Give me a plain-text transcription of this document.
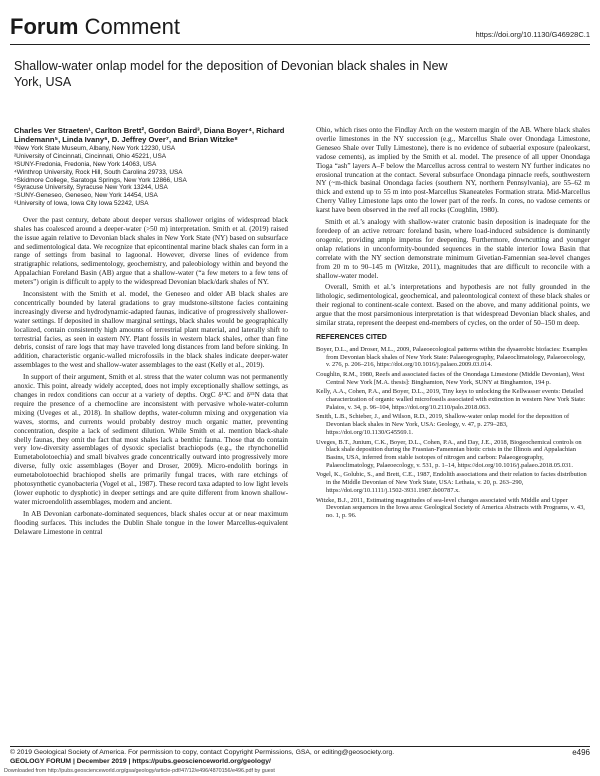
Forum Comment	https://doi.org/10.1130/G46928C.1
Shallow-water onlap model for the deposition of Devonian black shales in New York, USA
Charles Ver Straeten¹, Carlton Brett², Gordon Baird³, Diana Boyer⁴, Richard Lindemann⁵, Linda Ivany⁶, D. Jeffrey Over⁷, and Brian Witzke⁸
¹New York State Museum, Albany, New York 12230, USA
²University of Cincinnati, Cincinnati, Ohio 45221, USA
³SUNY-Fredonia, Fredonia, New York 14063, USA
⁴Winthrop University, Rock Hill, South Carolina 29733, USA
⁵Skidmore College, Saratoga Springs, New York 12866, USA
⁶Syracuse University, Syracuse New York 13244, USA
⁷SUNY-Geneseo, Geneseo, New York 14454, USA
⁸University of Iowa, Iowa City Iowa 52242, USA

Over the past century, debate about deeper versus shallower origins of widespread black shales has coalesced around a deeper-water (>50 m) interpretation. Smith et al. (2019) raised the issue again relative to Devonian black shales in New York State (NY) based on subsurface and sedimentological data. We recognize that epicontinental marine black shales can form in a range of settings from basinal to lagoonal. However, diverse lines of evidence from stratigraphic relations, sedimentology, geochemistry, and paleobiology within and beyond the Appalachian Foreland Basin (AB) argue that a shallow-water (“a few meters to a few tens of meters”) origin is difficult to apply to the widespread Devonian black/dark shales of NY.

Inconsistent with the Smith et al. model, the Geneseo and older AB black shales are concentrically bounded by lateral gradations to gray mudstone-siltstone facies containing increasingly diverse and hydrodynamic-adapted faunas, indicative of progressively shallower-water settings. If deposited in shallow marginal settings, black shales would be geographically localized, contain consistently high amounts of terrestrial plant material, and laterally shift to terrestrial facies, as seen in eastern NY. Plant fossils in western black shales, other than fine debris, consist of rare logs that may have traveled long distances from land before sinking. In addition, characteristic organic-walled microfossils in the black shales indicate deeper-water assemblages to the west and shallow-water assemblages to the east (Kelly et al., 2019).

In support of their argument, Smith et al. stress that the water column was not permanently anoxic. This point, already widely accepted, does not imply exceptionally shallow settings, as changes in redox conditions can occur at a variety of depths. OrgC δ¹³C and δ¹⁵N data that require the presence of a chemocline are inconsistent with pervasive whole-water-column mixing (Uveges et al., 2018). In shallow depths, water-column mixing and oxygenation via waves, storms, and currents would probably destroy much organic matter, preventing concentration, despite a lack of sediment dilution. While Smith et al. mention black-shale shelly faunas, they omit the fact that most shales lack a benthic fauna. Those that do contain very low-diversity assemblages of dysoxic specialist brachiopods (e.g., the rhynchonellid Eumetabolotoechia) and small bivalves grade concentrically outward into progressively more diverse, fully oxic assemblages (Boyer and Droser, 2009). Micro-endolith borings in eumetabolotoechid brachiopod shells are primarily fungal traces, with rare etchings of photosynthetic cyanobacteria (Vogel et al., 1987). These record taxa adapted to low light levels (lower euphotic to dysphotic) in deeper settings and are quite different from known shallow-water microendolith assemblages, modern and ancient.

In AB Devonian carbonate-dominated sequences, black shales occur at or near maximum flooding surfaces. This includes the Dublin Shale tongue in the lower Marcellus-equivalent Delaware Limestone in central

Ohio, which rises onto the Findlay Arch on the western margin of the AB. Where black shales overlie limestones in the NY succession (e.g., Marcellus Shale over Onondaga Limestone, Geneseo Shale over Tully Limestone), there is no evidence of subaerial exposure (paleokarst, vadose cements), as implied by the Smith et al. model. The presence of all upper Onondaga Tioga “ash” layers A–F below the Marcellus across central to western NY further indicates no erosional truncation at the contact. Several subsurface Onondaga pinnacle reefs, southwestern NY (~m-thick basinal Onondaga facies (southern NY, northern Pennsylvania), are 55–62 m thick and extend up to 55 m into post-Marcellus Skaneateles Formation strata. Mid-Marcellus Cherry Valley Limestone laps onto the lower part of the reefs. In cores, no vadose cements or karst have been observed in the reef all rocks (Coughlin, 1980).

Smith et al.’s analogy with shallow-water cratonic basin deposition is inadequate for the foredeep of an active retroarc foreland basin, where load-induced subsidence is dominantly orogenic, providing ample impetus for deepening. Furthermore, downcutting and younger onlap relations in unconformity-bounded sequences in the stable interior Iowa Basin that correlate with the NY section demonstrate minimum Givetian-Famennian sea-level changes from 20 m to 90–145 m (Witzke, 2011), magnitudes that are difficult to reconcile with a shallow-water model.

Overall, Smith et al.’s interpretations and hypothesis are not fully grounded in the lithologic, sedimentological, geochemical, and paleontological context of these black shales or their regional to continent-scale context. Based on the above, and many additional points, we argue that the most parsimonious interpretation is that widespread Devonian black shales, and similar strata, represent the deepest end-members of cycles, on the order of 50–150 m deep.

REFERENCES CITED
Boyer, D.L., and Droser, M.L., 2009, Palaeoecological patterns within the dysaerobic biofacies: Examples from Devonian black shales of New York State: Palaeogeography, Palaeoclimatology, Palaeoecology, v. 276, p. 206–216, https://doi.org/10.1016/j.palaeo.2009.03.014.
Coughlin, R.M., 1980, Reefs and associated facies of the Onondaga Limestone (Middle Devonian), West Central New York [M.A. thesis]: Binghamton, New York, SUNY at Binghamton, 194 p.
Kelly, A.A., Cohen, P.A., and Boyer, D.L., 2019, Tiny keys to unlocking the Kellwasser events: Detailed characterization of organic walled microfossils associated with extinction in western New York State: Palaios, v. 34, p. 96–104, https://doi.org/10.2110/palo.2018.063.
Smith, L.B., Schieber, J., and Wilson, R.D., 2019, Shallow-water onlap model for the deposition of Devonian black shales in New York, USA: Geology, v. 47, p. 279–283, https://doi.org/10.1130/G45569.1.
Uveges, B.T., Junium, C.K., Boyer, D.L., Cohen, P.A., and Day, J.E., 2018, Biogeochemical controls on black shale deposition during the Frasnian-Famennian biotic crisis in the Illinois and Appalachian Basins, USA, inferred from stable isotopes of nitrogen and carbon: Palaeogeography, Palaeoclimatology, Palaeoecology, v. 531, p. 1–14, https://doi.org/10.1016/j.palaeo.2018.05.031.
Vogel, K., Golubic, S., and Brett, C.E., 1987, Endolith associations and their relation to facies distribution in the Middle Devonian of New York State, USA: Lethaia, v. 20, p. 263–290, https://doi.org/10.1111/j.1502-3931.1987.tb00787.x.
Witzke, B.J., 2011, Estimating magnitudes of sea-level changes associated with Middle and Upper Devonian sequences in the Iowa area: Geological Society of America Abstracts with Programs, v. 43, no. 1, p. 96.
© 2019 Geological Society of America. For permission to copy, contact Copyright Permissions, GSA, or editing@geosociety.org.
GEOLOGY FORUM | December 2019 | https://pubs.geoscienceworld.org/geology/
e496
Downloaded from http://pubs.geoscienceworld.org/gsa/geology/article-pdf/47/12/e496/4870156/e496.pdf by guest
